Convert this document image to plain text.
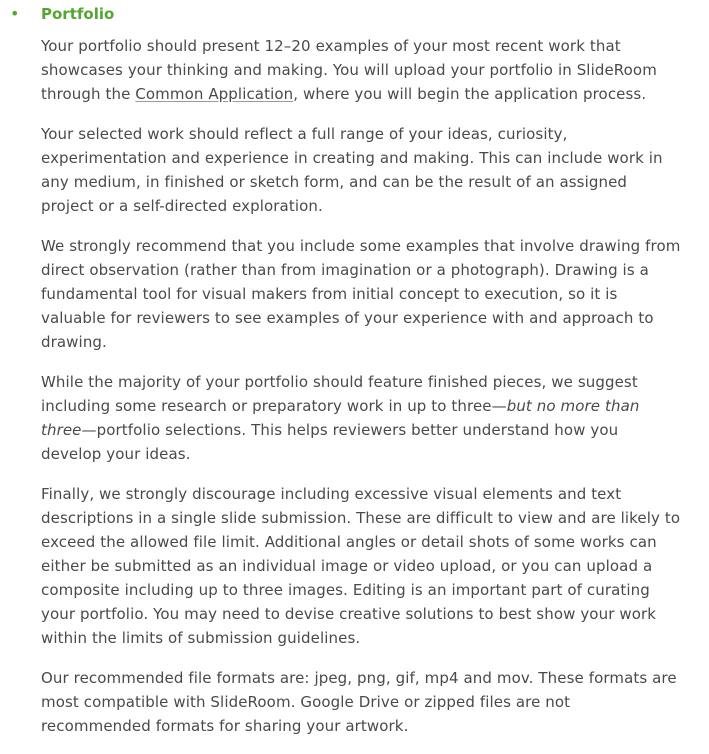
• Portfolio

Your portfolio should present 12–20 examples of your most recent work that showcases your thinking and making. You will upload your portfolio in SlideRoom through the Common Application, where you will begin the application process.

Your selected work should reflect a full range of your ideas, curiosity, experimentation and experience in creating and making. This can include work in any medium, in finished or sketch form, and can be the result of an assigned project or a self-directed exploration.

We strongly recommend that you include some examples that involve drawing from direct observation (rather than from imagination or a photograph). Drawing is a fundamental tool for visual makers from initial concept to execution, so it is valuable for reviewers to see examples of your experience with and approach to drawing.

While the majority of your portfolio should feature finished pieces, we suggest including some research or preparatory work in up to three—but no more than three—portfolio selections. This helps reviewers better understand how you develop your ideas.

Finally, we strongly discourage including excessive visual elements and text descriptions in a single slide submission. These are difficult to view and are likely to exceed the allowed file limit. Additional angles or detail shots of some works can either be submitted as an individual image or video upload, or you can upload a composite including up to three images. Editing is an important part of curating your portfolio. You may need to devise creative solutions to best show your work within the limits of submission guidelines.

Our recommended file formats are: jpeg, png, gif, mp4 and mov. These formats are most compatible with SlideRoom. Google Drive or zipped files are not recommended formats for sharing your artwork.
